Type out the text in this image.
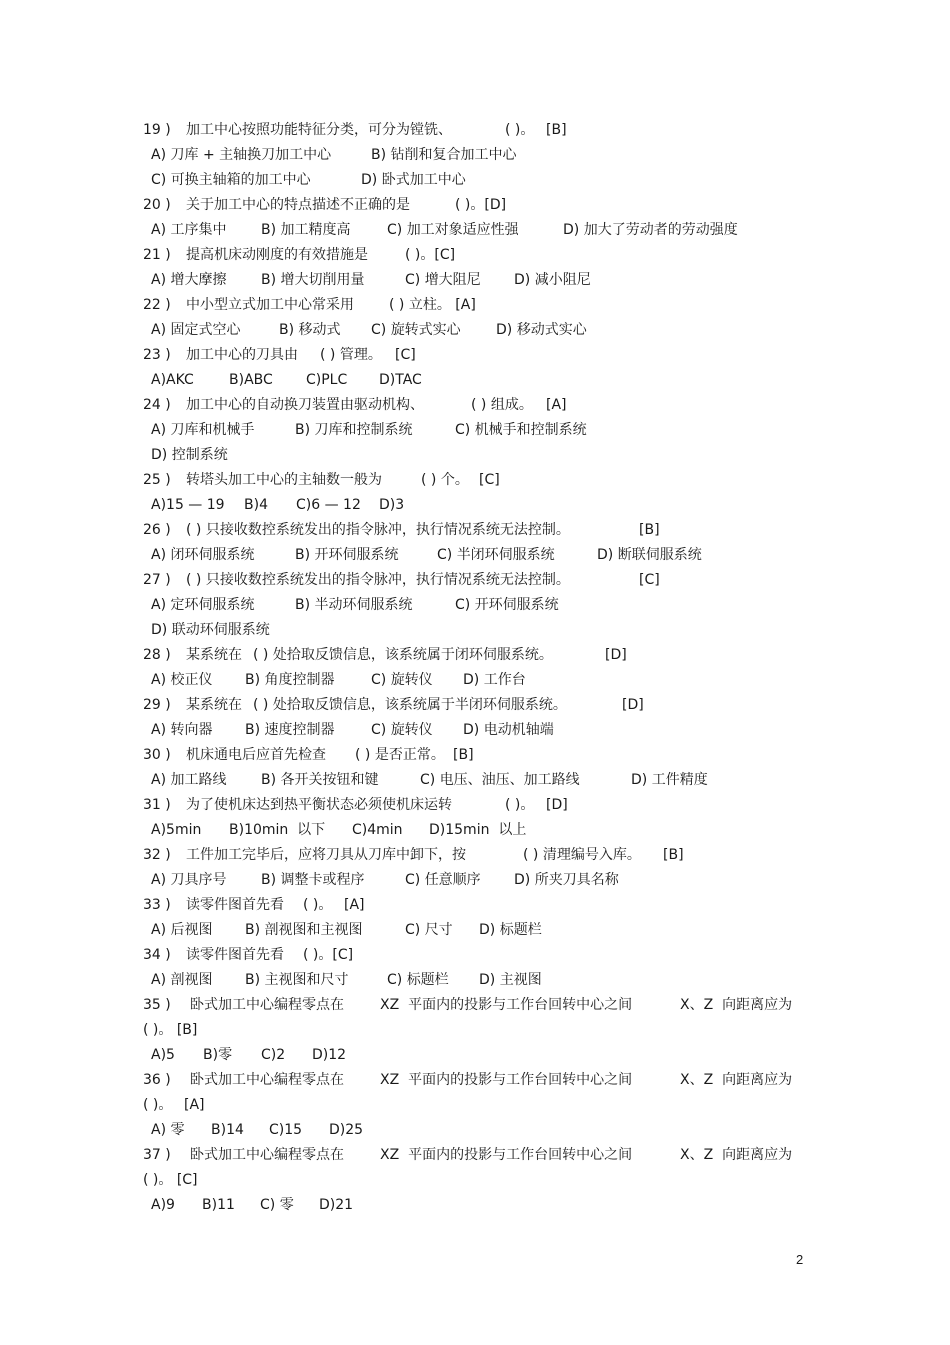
19 ) 加工中心按照功能特征分类，可分为镗铣、	( )。 [B]
A) 刀库 + 主轴换刀加工中心	B) 钻削和复合加工中心
C) 可换主轴箱的加工中心	D) 卧式加工中心
20 ) 关于加工中心的特点描述不正确的是	( )。[D]
A) 工序集中 B) 加工精度高	C) 加工对象适应性强	D) 加大了劳动者的劳动强度
21 ) 提高机床动刚度的有效措施是	( )。[C]
A) 增大摩擦 B) 增大切削用量	C) 增大阻尼 D) 减小阻尼
22 ) 中小型立式加工中心常采用	( ) 立柱。 [A]
A) 固定式空心	B) 移动式 C) 旋转式实心	D) 移动式实心
23 ) 加工中心的刀具由 ( ) 管理。 [C]
A)AKC	B)ABC C)PLC D)TAC
24 ) 加工中心的自动换刀装置由驱动机构、	( ) 组成。 [A]
A) 刀库和机械手	B) 刀库和控制系统	C) 机械手和控制系统
D) 控制系统
25 ) 转塔头加工中心的主轴数一般为	( ) 个。 [C]
A)15 — 19 B)4 C)6 — 12 D)3
26 ) ( ) 只接收数控系统发出的指令脉冲，执行情况系统无法控制。	[B]
A) 闭环伺服系统	B) 开环伺服系统	C) 半闭环伺服系统	D) 断联伺服系统
27 ) ( ) 只接收数控系统发出的指令脉冲，执行情况系统无法控制。	[C]
A) 定环伺服系统	B) 半动环伺服系统	C) 开环伺服系统
D) 联动环伺服系统
28 ) 某系统在 ( ) 处拾取反馈信息，该系统属于闭环伺服系统。	[D]
A) 校正仪 B) 角度控制器	C) 旋转仪 D) 工作台
29 ) 某系统在 ( ) 处拾取反馈信息，该系统属于半闭环伺服系统。	[D]
A) 转向器 B) 速度控制器	C) 旋转仪 D) 电动机轴端
30 ) 机床通电后应首先检查 ( ) 是否正常。 [B]
A) 加工路线 B) 各开关按钮和键	C) 电压、油压、加工路线	D) 工件精度
31 ) 为了使机床达到热平衡状态必须使机床运转	( )。 [D]
A)5min B)10min  以下 C)4min D)15min  以上
32 ) 工件加工完毕后，应将刀具从刀库中卸下，按	( ) 清理编号入库。 [B]
A) 刀具序号 B) 调整卡或程序	C) 任意顺序 D) 所夹刀具名称
33 ) 读零件图首先看 ( )。 [A]
A) 后视图 B) 剖视图和主视图	C) 尺寸 D) 标题栏
34 ) 读零件图首先看 ( )。[C]
A) 剖视图 B) 主视图和尺寸	C) 标题栏 D) 主视图
35 ) 卧式加工中心编程零点在	XZ  平面内的投影与工作台回转中心之间	X、Z  向距离应为
( )。 [B]
A)5 B)零 C)2 D)12
36 ) 卧式加工中心编程零点在	XZ  平面内的投影与工作台回转中心之间	X、Z  向距离应为
( )。 [A]
A) 零 B)14 C)15 D)25
37 ) 卧式加工中心编程零点在	XZ  平面内的投影与工作台回转中心之间	X、Z  向距离应为
( )。 [C]
A)9 B)11 C) 零 D)21
2
